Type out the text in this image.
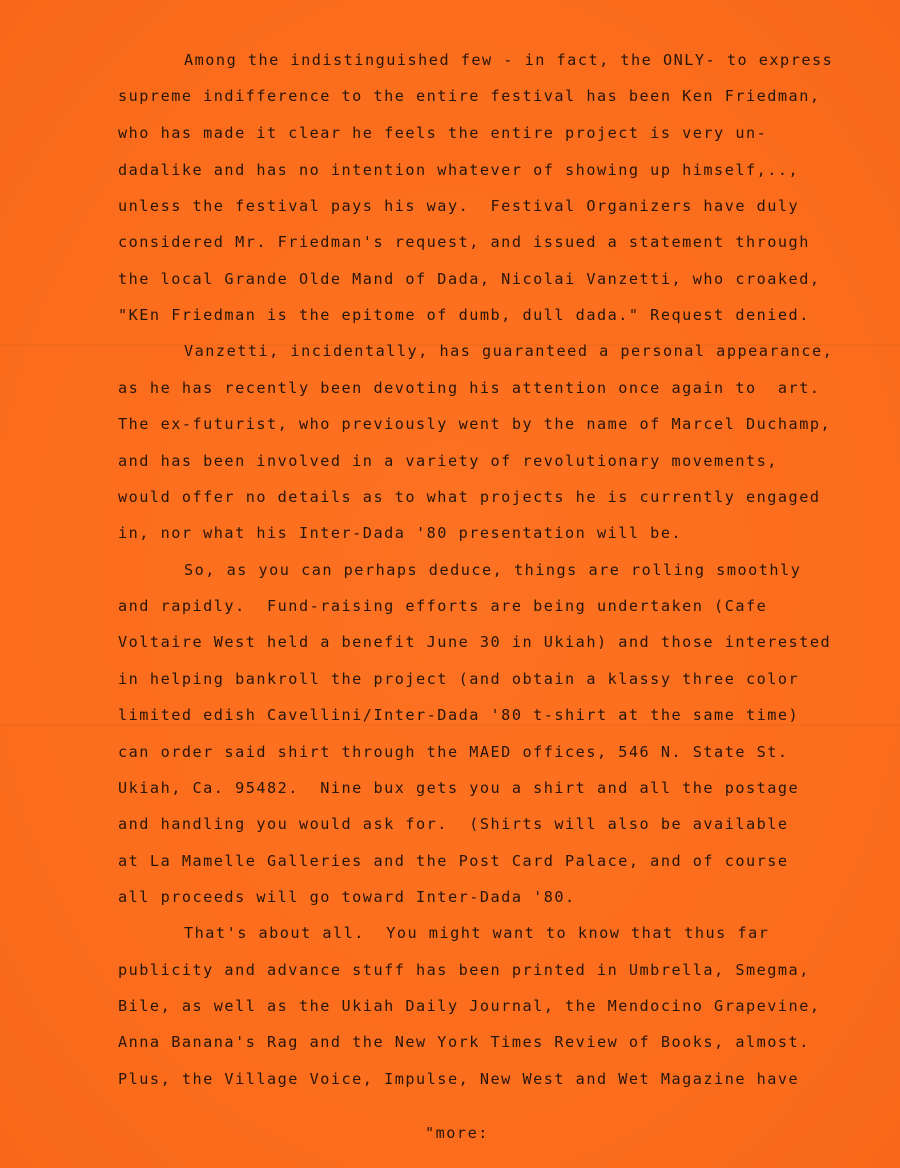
Among the indistinguished few - in fact, the ONLY- to express

supreme indifference to the entire festival has been Ken Friedman,

who has made it clear he feels the entire project is very un-

dadalike and has no intention whatever of showing up himself,..,

unless the festival pays his way.  Festival Organizers have duly

considered Mr. Friedman's request, and issued a statement through

the local Grande Olde Mand of Dada, Nicolai Vanzetti, who croaked,

"KEn Friedman is the epitome of dumb, dull dada." Request denied.

Vanzetti, incidentally, has guaranteed a personal appearance,

as he has recently been devoting his attention once again to  art.

The ex-futurist, who previously went by the name of Marcel Duchamp,

and has been involved in a variety of revolutionary movements,

would offer no details as to what projects he is currently engaged

in, nor what his Inter-Dada '80 presentation will be.

So, as you can perhaps deduce, things are rolling smoothly

and rapidly.  Fund-raising efforts are being undertaken (Cafe

Voltaire West held a benefit June 30 in Ukiah) and those interested

in helping bankroll the project (and obtain a klassy three color

limited edish Cavellini/Inter-Dada '80 t-shirt at the same time)

can order said shirt through the MAED offices, 546 N. State St.

Ukiah, Ca. 95482.  Nine bux gets you a shirt and all the postage

and handling you would ask for.  (Shirts will also be available

at La Mamelle Galleries and the Post Card Palace, and of course

all proceeds will go toward Inter-Dada '80.

That's about all.  You might want to know that thus far

publicity and advance stuff has been printed in Umbrella, Smegma,

Bile, as well as the Ukiah Daily Journal, the Mendocino Grapevine,

Anna Banana's Rag and the New York Times Review of Books, almost.

Plus, the Village Voice, Impulse, New West and Wet Magazine have

"more:
